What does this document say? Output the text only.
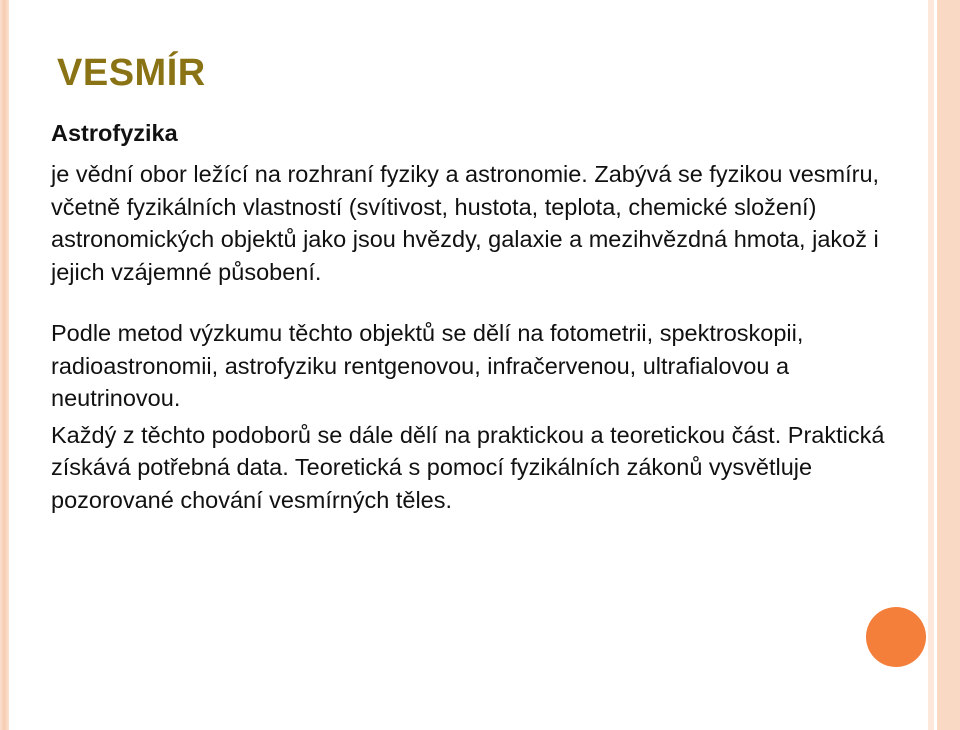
VESMÍR

Astrofyzika

je vědní obor ležící na rozhraní fyziky a astronomie. Zabývá se fyzikou vesmíru, včetně fyzikálních vlastností (svítivost, hustota, teplota, chemické složení) astronomických objektů jako jsou hvězdy, galaxie a mezihvězdná hmota, jakož i jejich vzájemné působení.

Podle metod výzkumu těchto objektů se dělí na fotometrii, spektroskopii, radioastronomii, astrofyziku rentgenovou, infračervenou, ultrafialovou a neutrinovou.

Každý z těchto podoborů se dále dělí na praktickou a teoretickou část. Praktická získává potřebná data. Teoretická s pomocí fyzikálních zákonů vysvětluje pozorované chování vesmírných těles.
